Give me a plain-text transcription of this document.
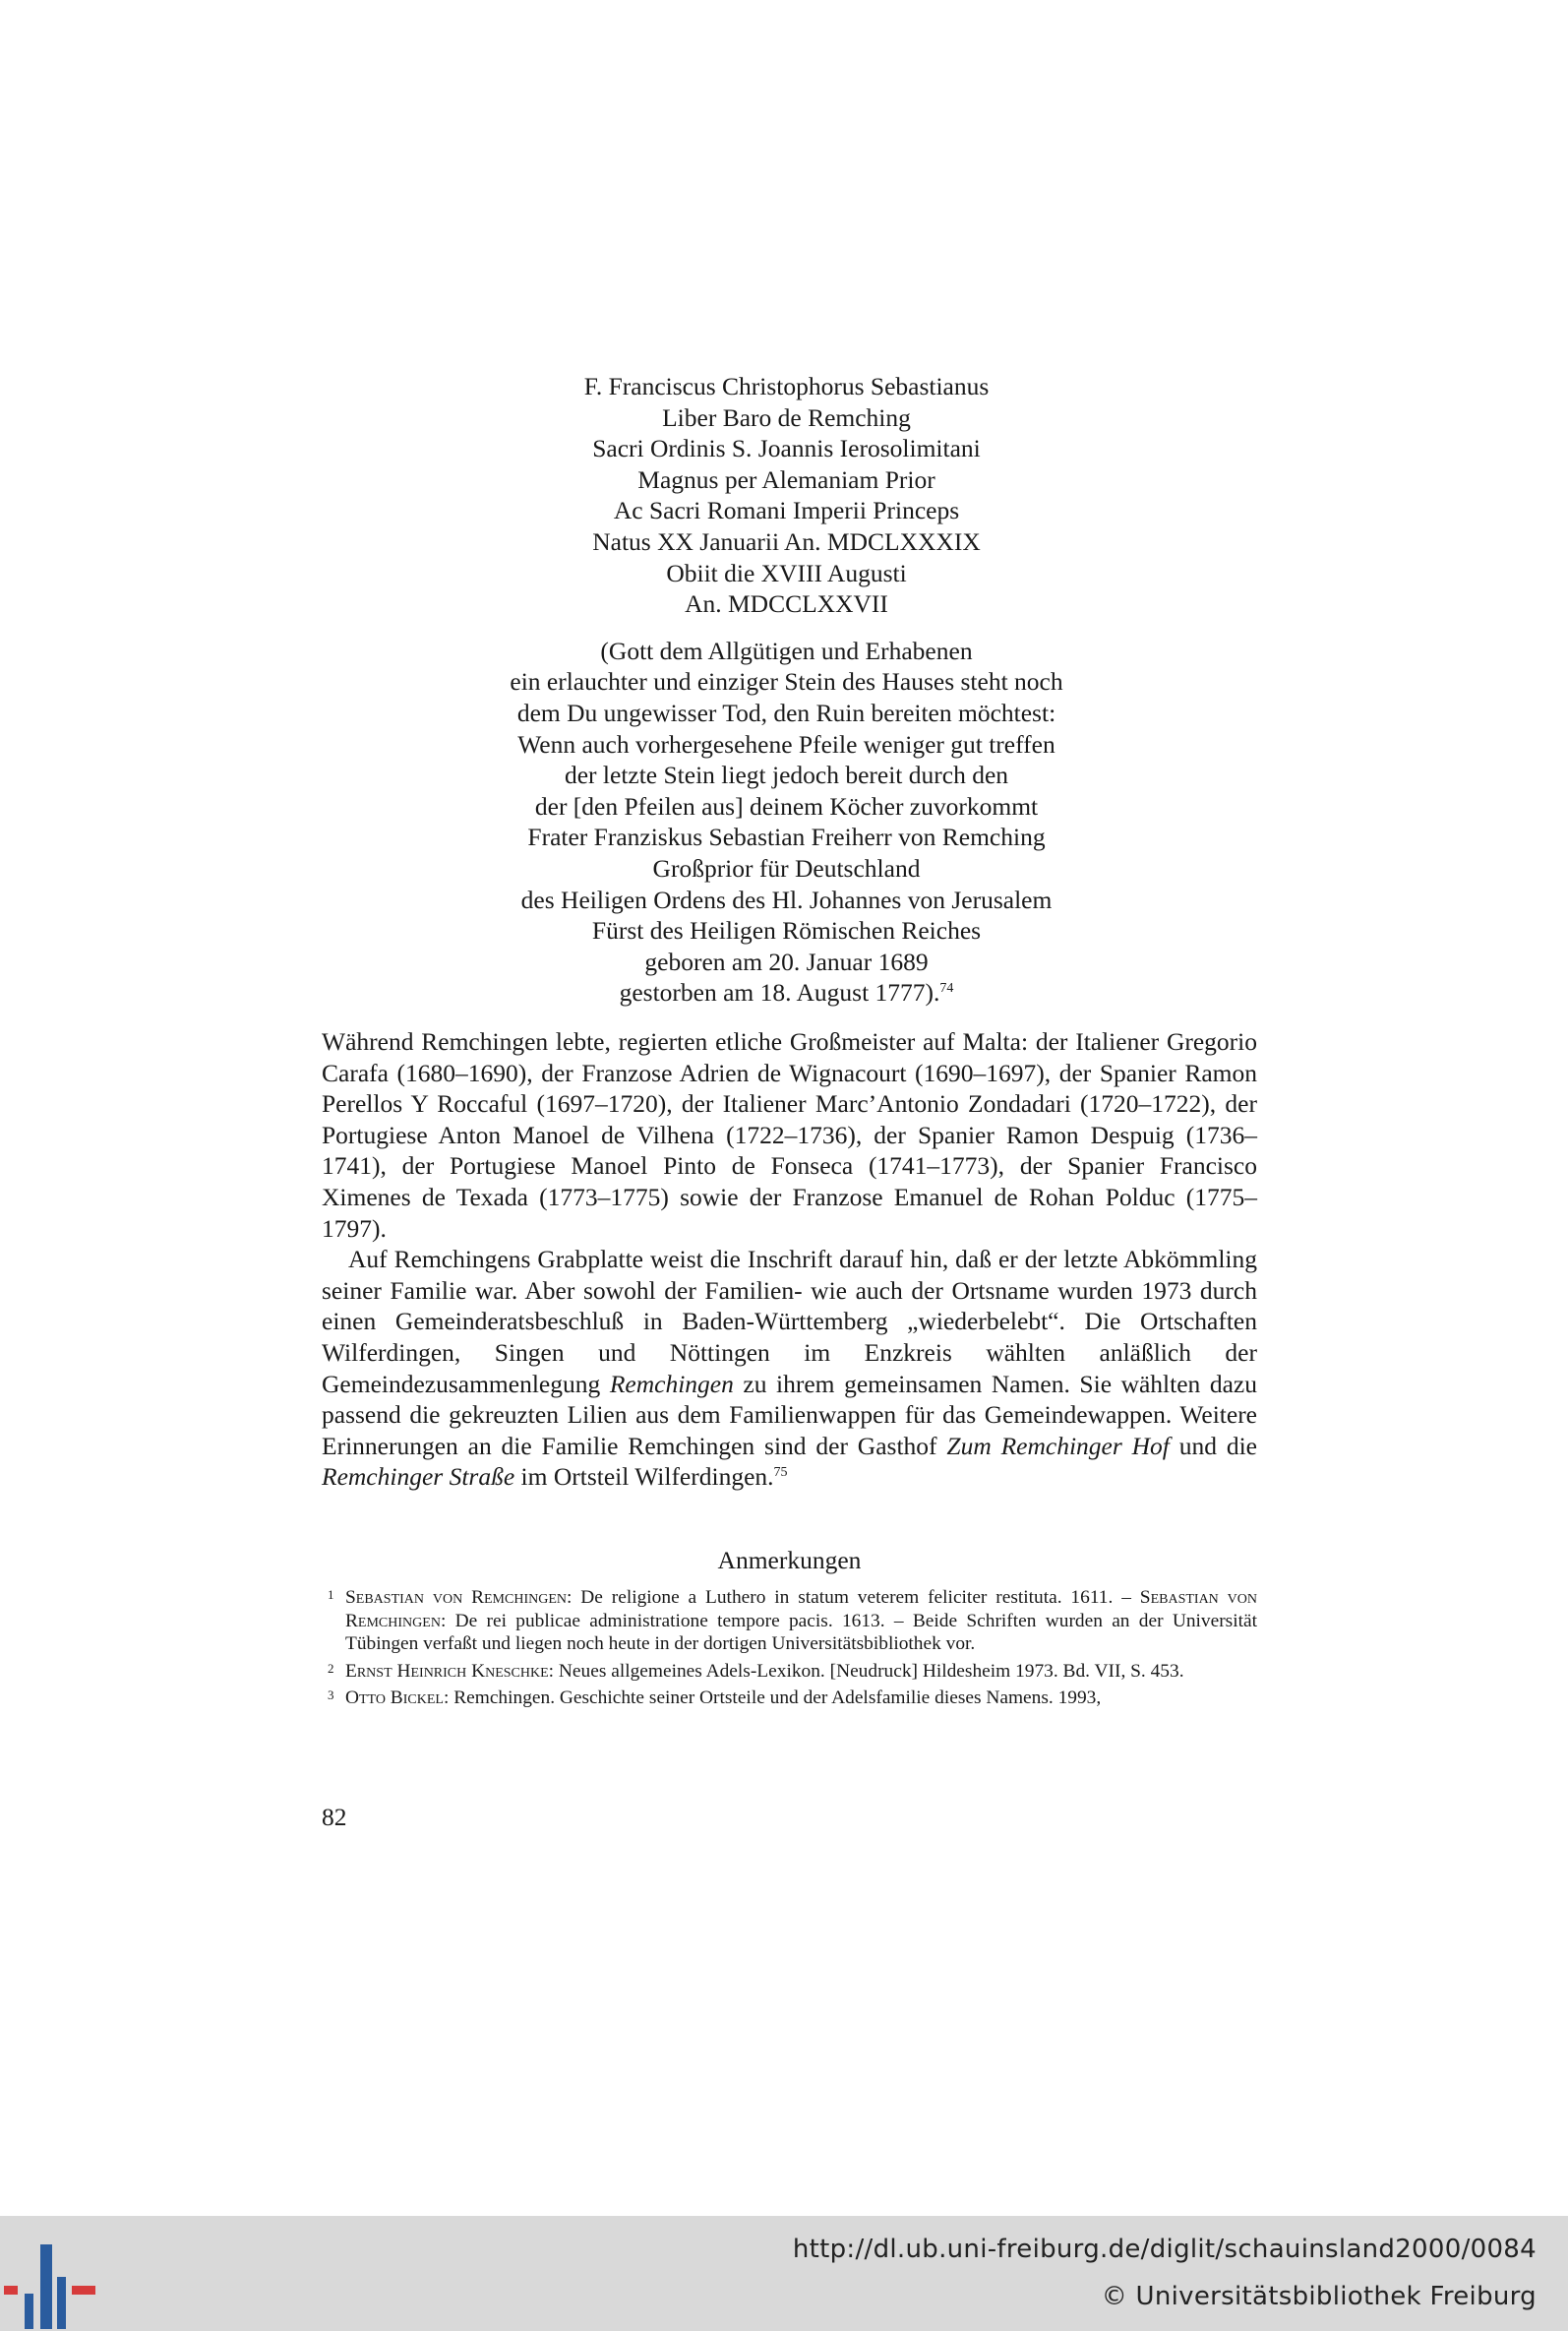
F. Franciscus Christophorus Sebastianus
Liber Baro de Remching
Sacri Ordinis S. Joannis Ierosolimitani
Magnus per Alemaniam Prior
Ac Sacri Romani Imperii Princeps
Natus XX Januarii An. MDCLXXXIX
Obiit die XVIII Augusti
An. MDCCLXXVII
(Gott dem Allgütigen und Erhabenen
ein erlauchter und einziger Stein des Hauses steht noch
dem Du ungewisser Tod, den Ruin bereiten möchtest:
Wenn auch vorhergesehene Pfeile weniger gut treffen
der letzte Stein liegt jedoch bereit durch den
der [den Pfeilen aus] deinem Köcher zuvorkommt
Frater Franziskus Sebastian Freiherr von Remching
Großprior für Deutschland
des Heiligen Ordens des Hl. Johannes von Jerusalem
Fürst des Heiligen Römischen Reiches
geboren am 20. Januar 1689
gestorben am 18. August 1777).$^{74}$

Während Remchingen lebte, regierten etliche Großmeister auf Malta: der Italiener Gregorio Carafa (1680–1690), der Franzose Adrien de Wignacourt (1690–1697), der Spanier Ramon Perellos Y Roccaful (1697–1720), der Italiener Marc’Antonio Zondadari (1720–1722), der Portugiese Anton Manoel de Vilhena (1722–1736), der Spanier Ramon Despuig (1736–1741), der Portugiese Manoel Pinto de Fonseca (1741–1773), der Spanier Francisco Ximenes de Texada (1773–1775) sowie der Franzose Emanuel de Rohan Polduc (1775–1797).

Auf Remchingens Grabplatte weist die Inschrift darauf hin, daß er der letzte Abkömmling seiner Familie war. Aber sowohl der Familien- wie auch der Ortsname wurden 1973 durch einen Gemeinderatsbeschluß in Baden-Württemberg „wiederbelebt“. Die Ortschaften Wilferdingen, Singen und Nöttingen im Enzkreis wählten anläßlich der Gemeindezusammenlegung Remchingen zu ihrem gemeinsamen Namen. Sie wählten dazu passend die gekreuzten Lilien aus dem Familienwappen für das Gemeindewappen. Weitere Erinnerungen an die Familie Remchingen sind der Gasthof Zum Remchinger Hof und die Remchinger Straße im Ortsteil Wilferdingen.$^{75}$

Anmerkungen

1 Sebastian von Remchingen: De religione a Luthero in statum veterem feliciter restituta. 1611. – Sebastian von Remchingen: De rei publicae administratione tempore pacis. 1613. – Beide Schriften wurden an der Universität Tübingen verfaßt und liegen noch heute in der dortigen Universitätsbibliothek vor.

2 Ernst Heinrich Kneschke: Neues allgemeines Adels-Lexikon. [Neudruck] Hildesheim 1973. Bd. VII, S. 453.

3 Otto Bickel: Remchingen. Geschichte seiner Ortsteile und der Adelsfamilie dieses Namens. 1993,

82
http://dl.ub.uni-freiburg.de/diglit/schauinsland2000/0084
© Universitätsbibliothek Freiburg
